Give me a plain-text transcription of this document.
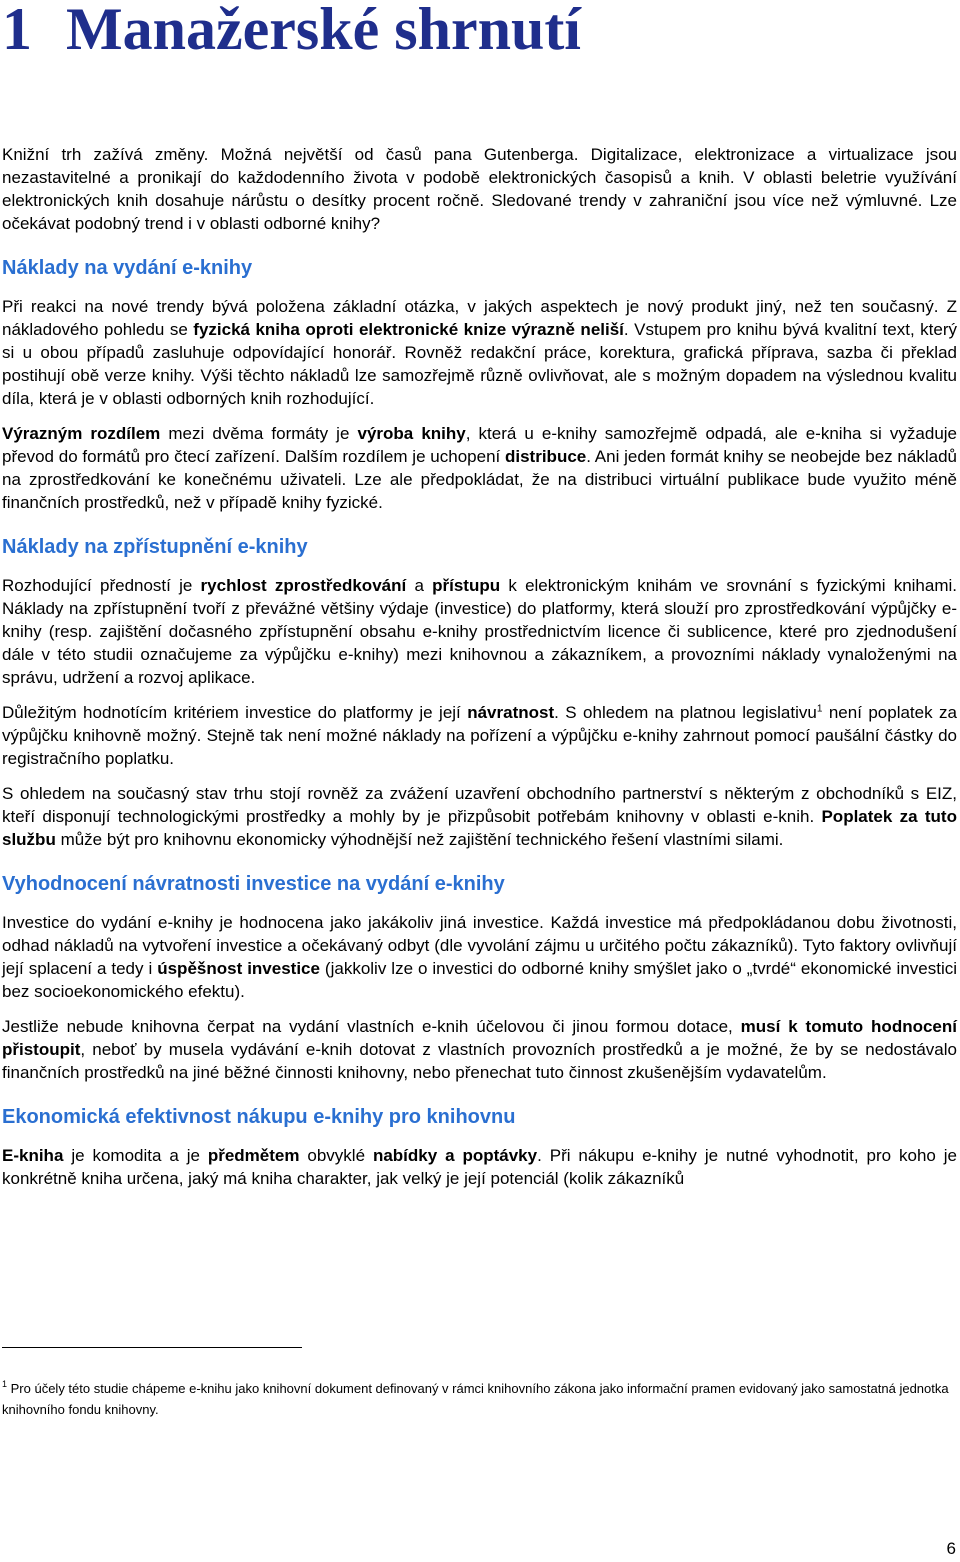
1 Manažerské shrnutí

Knižní trh zažívá změny. Možná největší od časů pana Gutenberga. Digitalizace, elektronizace a virtualizace jsou nezastavitelné a pronikají do každodenního života v podobě elektronických časopisů a knih. V oblasti beletrie využívání elektronických knih dosahuje nárůstu o desítky procent ročně. Sledované trendy v zahraniční jsou více než výmluvné. Lze očekávat podobný trend i v oblasti odborné knihy?

Náklady na vydání e-knihy

Při reakci na nové trendy bývá položena základní otázka, v jakých aspektech je nový produkt jiný, než ten současný. Z nákladového pohledu se fyzická kniha oproti elektronické knize výrazně neliší. Vstupem pro knihu bývá kvalitní text, který si u obou případů zasluhuje odpovídající honorář. Rovněž redakční práce, korektura, grafická příprava, sazba či překlad postihují obě verze knihy. Výši těchto nákladů lze samozřejmě různě ovlivňovat, ale s možným dopadem na výslednou kvalitu díla, která je v oblasti odborných knih rozhodující.

Výrazným rozdílem mezi dvěma formáty je výroba knihy, která u e-knihy samozřejmě odpadá, ale e-kniha si vyžaduje převod do formátů pro čtecí zařízení. Dalším rozdílem je uchopení distribuce. Ani jeden formát knihy se neobejde bez nákladů na zprostředkování ke konečnému uživateli. Lze ale předpokládat, že na distribuci virtuální publikace bude využito méně finančních prostředků, než v případě knihy fyzické.

Náklady na zpřístupnění e-knihy

Rozhodující předností je rychlost zprostředkování a přístupu k elektronickým knihám ve srovnání s fyzickými knihami. Náklady na zpřístupnění tvoří z převážné většiny výdaje (investice) do platformy, která slouží pro zprostředkování výpůjčky e-knihy (resp. zajištění dočasného zpřístupnění obsahu e-knihy prostřednictvím licence či sublicence, které pro zjednodušení dále v této studii označujeme za výpůjčku e-knihy) mezi knihovnou a zákazníkem, a provozními náklady vynaloženými na správu, udržení a rozvoj aplikace.

Důležitým hodnotícím kritériem investice do platformy je její návratnost. S ohledem na platnou legislativu$^1$ není poplatek za výpůjčku knihovně možný. Stejně tak není možné náklady na pořízení a výpůjčku e-knihy zahrnout pomocí paušální částky do registračního poplatku.

S ohledem na současný stav trhu stojí rovněž za zvážení uzavření obchodního partnerství s některým z obchodníků s EIZ, kteří disponují technologickými prostředky a mohly by je přizpůsobit potřebám knihovny v oblasti e-knih. Poplatek za tuto službu může být pro knihovnu ekonomicky výhodnější než zajištění technického řešení vlastními silami.

Vyhodnocení návratnosti investice na vydání e-knihy

Investice do vydání e-knihy je hodnocena jako jakákoliv jiná investice. Každá investice má předpokládanou dobu životnosti, odhad nákladů na vytvoření investice a očekávaný odbyt (dle vyvolání zájmu u určitého počtu zákazníků). Tyto faktory ovlivňují její splacení a tedy i úspěšnost investice (jakkoliv lze o investici do odborné knihy smýšlet jako o „tvrdé“ ekonomické investici bez socioekonomického efektu).

Jestliže nebude knihovna čerpat na vydání vlastních e-knih účelovou či jinou formou dotace, musí k tomuto hodnocení přistoupit, neboť by musela vydávání e-knih dotovat z vlastních provozních prostředků a je možné, že by se nedostávalo finančních prostředků na jiné běžné činnosti knihovny, nebo přenechat tuto činnost zkušenějším vydavatelům.

Ekonomická efektivnost nákupu e-knihy pro knihovnu

E-kniha je komodita a je předmětem obvyklé nabídky a poptávky. Při nákupu e-knihy je nutné vyhodnotit, pro koho je konkrétně kniha určena, jaký má kniha charakter, jak velký je její potenciál (kolik zákazníků

$^1$ Pro účely této studie chápeme e-knihu jako knihovní dokument definovaný v rámci knihovního zákona jako informační pramen evidovaný jako samostatná jednotka knihovního fondu knihovny.

6
